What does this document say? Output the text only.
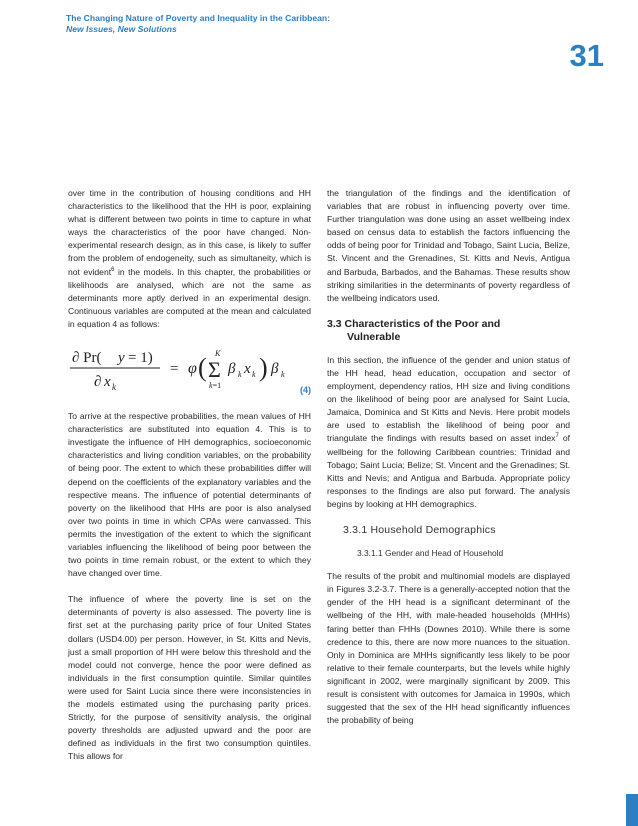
The Changing Nature of Poverty and Inequality in the Caribbean:
New Issues, New Solutions
31

over time in the contribution of housing conditions and HH characteristics to the likelihood that the HH is poor, explaining what is different between two points in time to capture in what ways the characteristics of the poor have changed. Non-experimental research design, as in this case, is likely to suffer from the problem of endogeneity, such as simultaneity, which is not evident$^6$ in the models. In this chapter, the probabilities or likelihoods are analysed, which are not the same as determinants more aptly derived in an experimental design. Continuous variables are computed at the mean and calculated in equation 4 as follows:

∂ Pr( y = 1)
∂ x k
= φ ( K
Σ
k=1
β k x k ) β k
(4)

To arrive at the respective probabilities, the mean values of HH characteristics are substituted into equation 4. This is to investigate the influence of HH demographics, socioeconomic characteristics and living condition variables, on the probability of being poor. The extent to which these probabilities differ will depend on the coefficients of the explanatory variables and the respective means. The influence of potential determinants of poverty on the likelihood that HHs are poor is also analysed over two points in time in which CPAs were canvassed. This permits the investigation of the extent to which the significant variables influencing the likelihood of being poor between the two points in time remain robust, or the extent to which they have changed over time.

The influence of where the poverty line is set on the determinants of poverty is also assessed. The poverty line is first set at the purchasing parity price of four United States dollars (USD4.00) per person. However, in St. Kitts and Nevis, just a small proportion of HH were below this threshold and the model could not converge, hence the poor were defined as individuals in the first consumption quintile. Similar quintiles were used for Saint Lucia since there were inconsistencies in the models estimated using the purchasing parity prices. Strictly, for the purpose of sensitivity analysis, the original poverty thresholds are adjusted upward and the poor are defined as individuals in the first two consumption quintiles. This allows for

the triangulation of the findings and the identification of variables that are robust in influencing poverty over time. Further triangulation was done using an asset wellbeing index based on census data to establish the factors influencing the odds of being poor for Trinidad and Tobago, Saint Lucia, Belize, St. Vincent and the Grenadines, St. Kitts and Nevis, Antigua and Barbuda, Barbados, and the Bahamas. These results show striking similarities in the determinants of poverty regardless of the wellbeing indicators used.

3.3 Characteristics of the Poor and
Vulnerable

In this section, the influence of the gender and union status of the HH head, head education, occupation and sector of employment, dependency ratios, HH size and living conditions on the likelihood of being poor are analysed for Saint Lucia, Jamaica, Dominica and St Kitts and Nevis. Here probit models are used to establish the likelihood of being poor and triangulate the findings with results based on asset index$^7$ of wellbeing for the following Caribbean countries: Trinidad and Tobago; Saint Lucia; Belize; St. Vincent and the Grenadines; St. Kitts and Nevis; and Antigua and Barbuda. Appropriate policy responses to the findings are also put forward. The analysis begins by looking at HH demographics.

3.3.1 Household Demographics
3.3.1.1 Gender and Head of Household

The results of the probit and multinomial models are displayed in Figures 3.2-3.7. There is a generally-accepted notion that the gender of the HH head is a significant determinant of the wellbeing of the HH, with male-headed households (MHHs) faring better than FHHs (Downes 2010). While there is some credence to this, there are now more nuances to the situation. Only in Dominica are MHHs significantly less likely to be poor relative to their female counterparts, but the levels while highly significant in 2002, were marginally significant by 2009. This result is consistent with outcomes for Jamaica in 1990s, which suggested that the sex of the HH head significantly influences the probability of being
